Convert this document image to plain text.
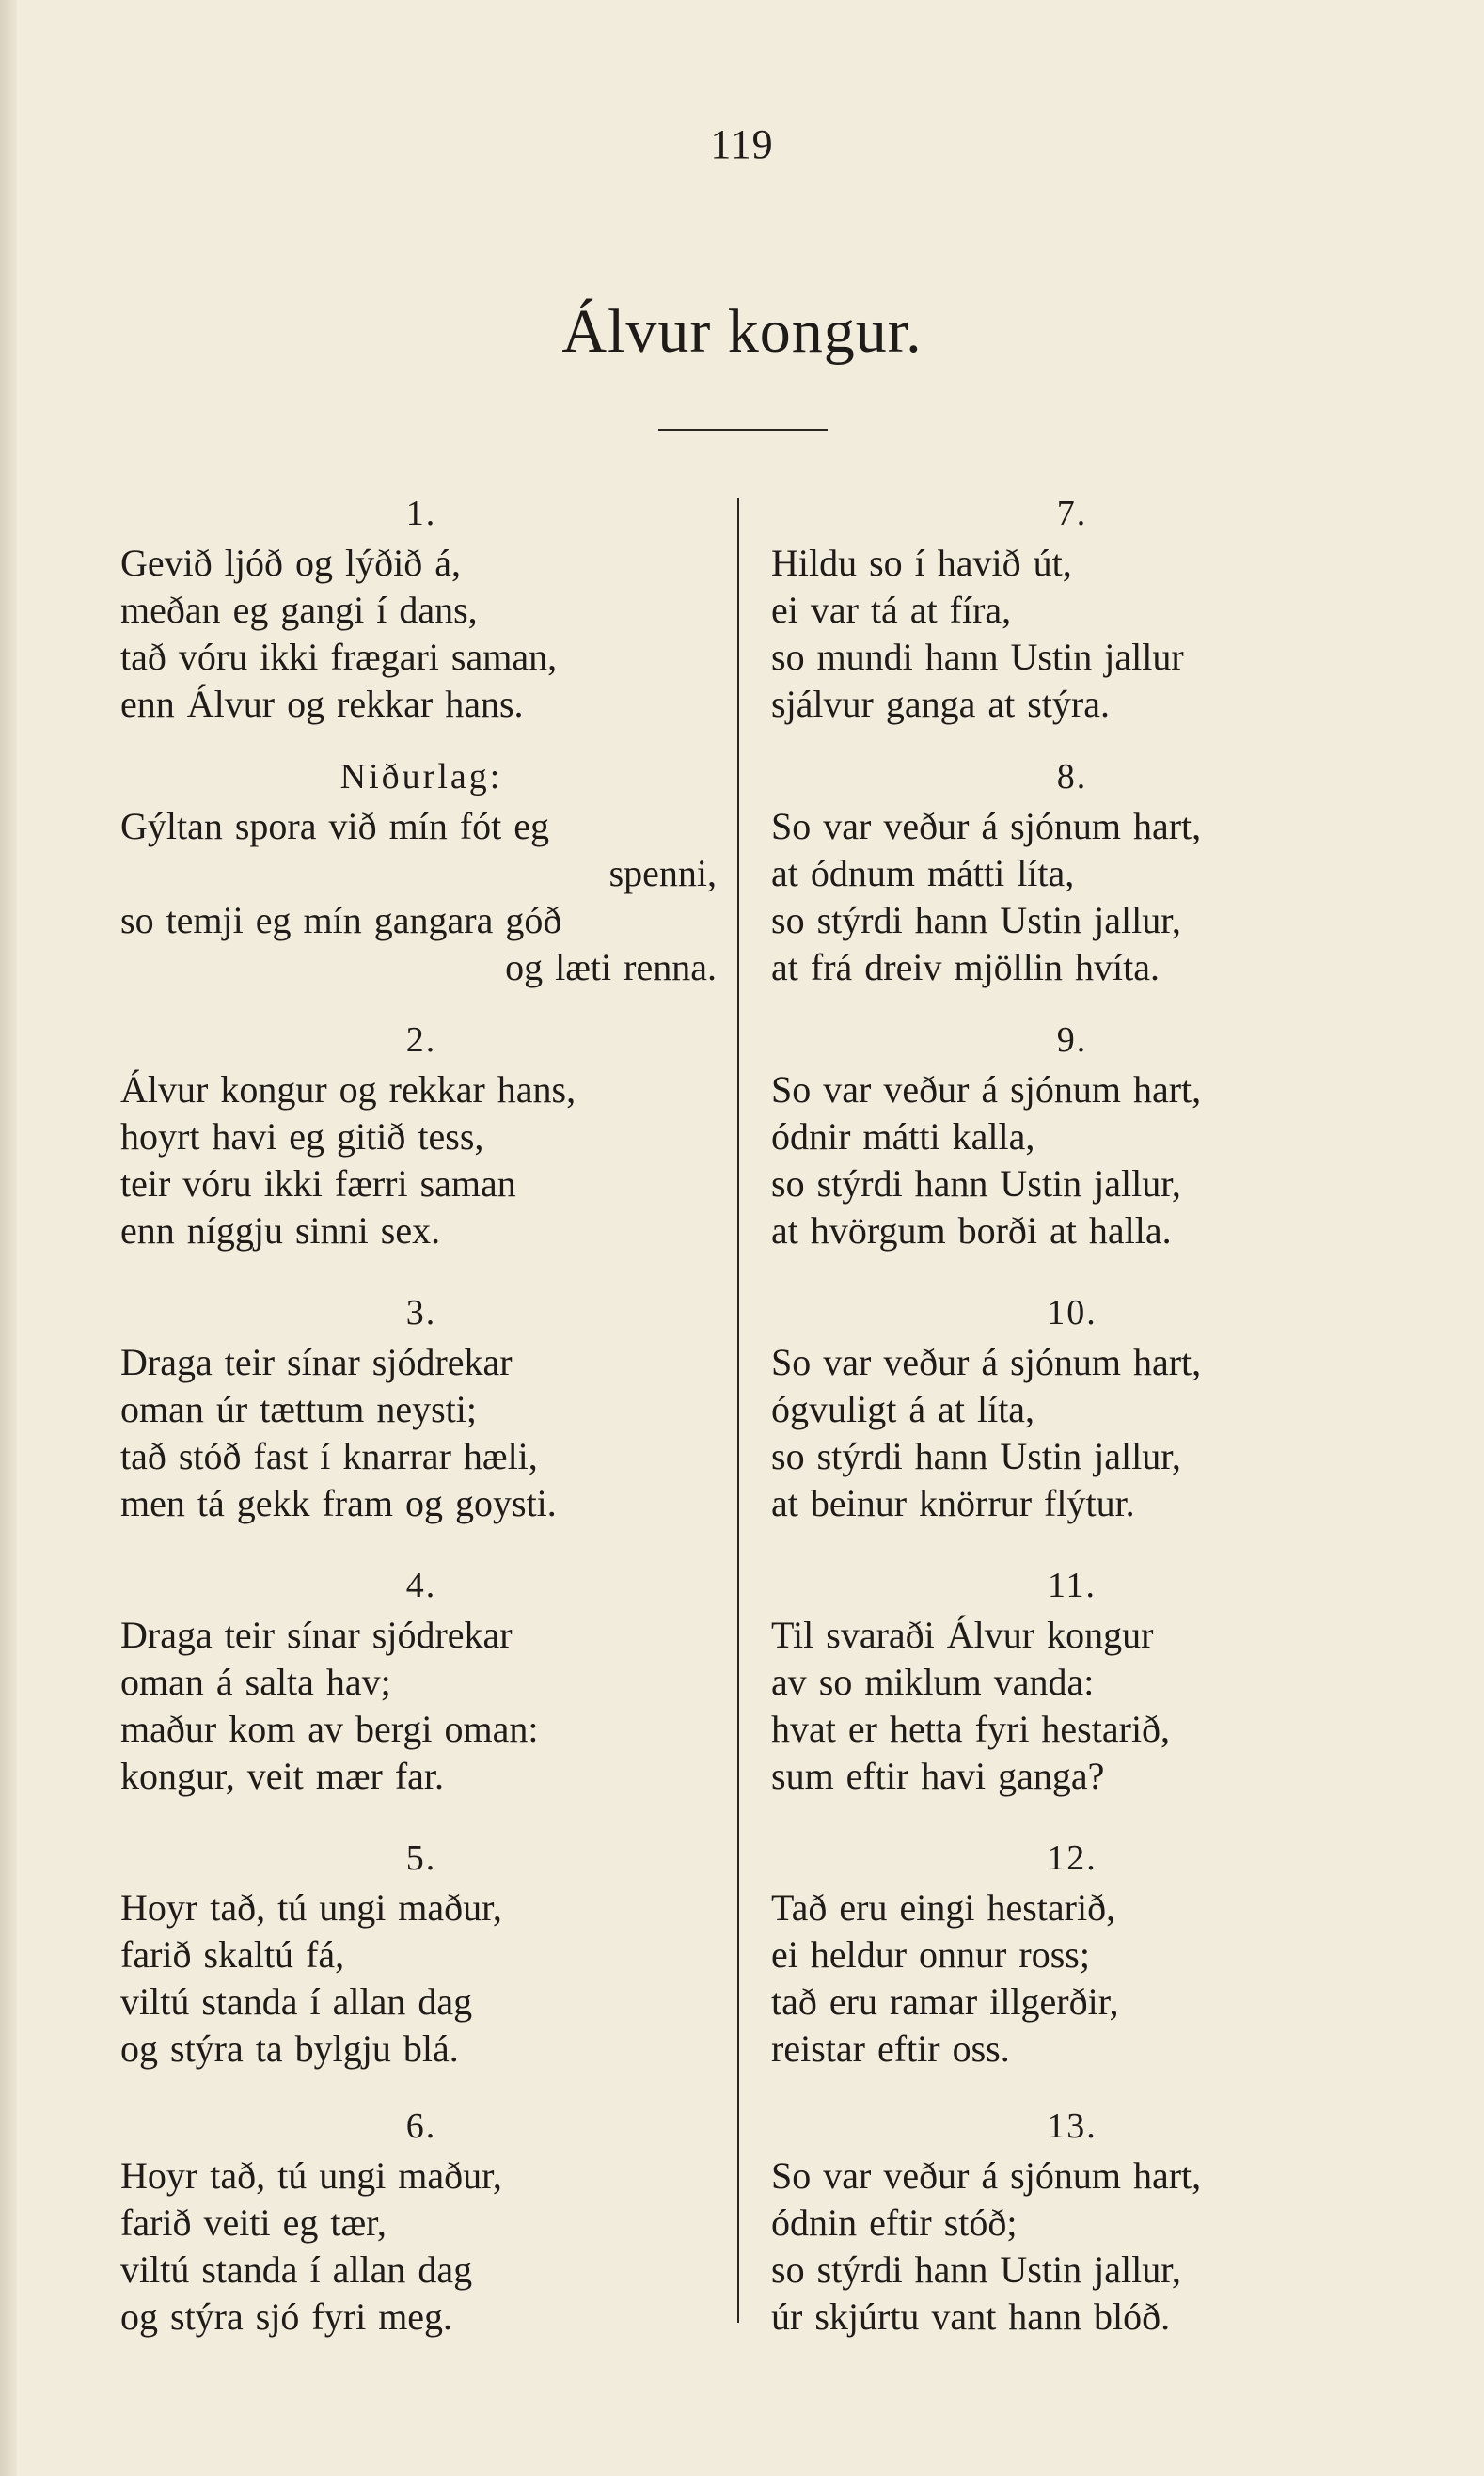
119
Álvur kongur.
1.
Gevið ljóð og lýðið á,
meðan eg gangi í dans,
tað vóru ikki frægari saman,
enn Álvur og rekkar hans.
Niðurlag:
Gýltan spora við mín fót eg
spenni,
so temji eg mín gangara góð
og læti renna.
2.
Álvur kongur og rekkar hans,
hoyrt havi eg gitið tess,
teir vóru ikki færri saman
enn níggju sinni sex.
3.
Draga teir sínar sjódrekar
oman úr tættum neysti;
tað stóð fast í knarrar hæli,
men tá gekk fram og goysti.
4.
Draga teir sínar sjódrekar
oman á salta hav;
maður kom av bergi oman:
kongur, veit mær far.
5.
Hoyr tað, tú ungi maður,
farið skaltú fá,
viltú standa í allan dag
og stýra ta bylgju blá.
6.
Hoyr tað, tú ungi maður,
farið veiti eg tær,
viltú standa í allan dag
og stýra sjó fyri meg.
7.
Hildu so í havið út,
ei var tá at fíra,
so mundi hann Ustin jallur
sjálvur ganga at stýra.
8.
So var veður á sjónum hart,
at ódnum mátti líta,
so stýrdi hann Ustin jallur,
at frá dreiv mjöllin hvíta.
9.
So var veður á sjónum hart,
ódnir mátti kalla,
so stýrdi hann Ustin jallur,
at hvörgum borði at halla.
10.
So var veður á sjónum hart,
ógvuligt á at líta,
so stýrdi hann Ustin jallur,
at beinur knörrur flýtur.
11.
Til svaraði Álvur kongur
av so miklum vanda:
hvat er hetta fyri hestarið,
sum eftir havi ganga?
12.
Tað eru eingi hestarið,
ei heldur onnur ross;
tað eru ramar illgerðir,
reistar eftir oss.
13.
So var veður á sjónum hart,
ódnin eftir stóð;
so stýrdi hann Ustin jallur,
úr skjúrtu vant hann blóð.
